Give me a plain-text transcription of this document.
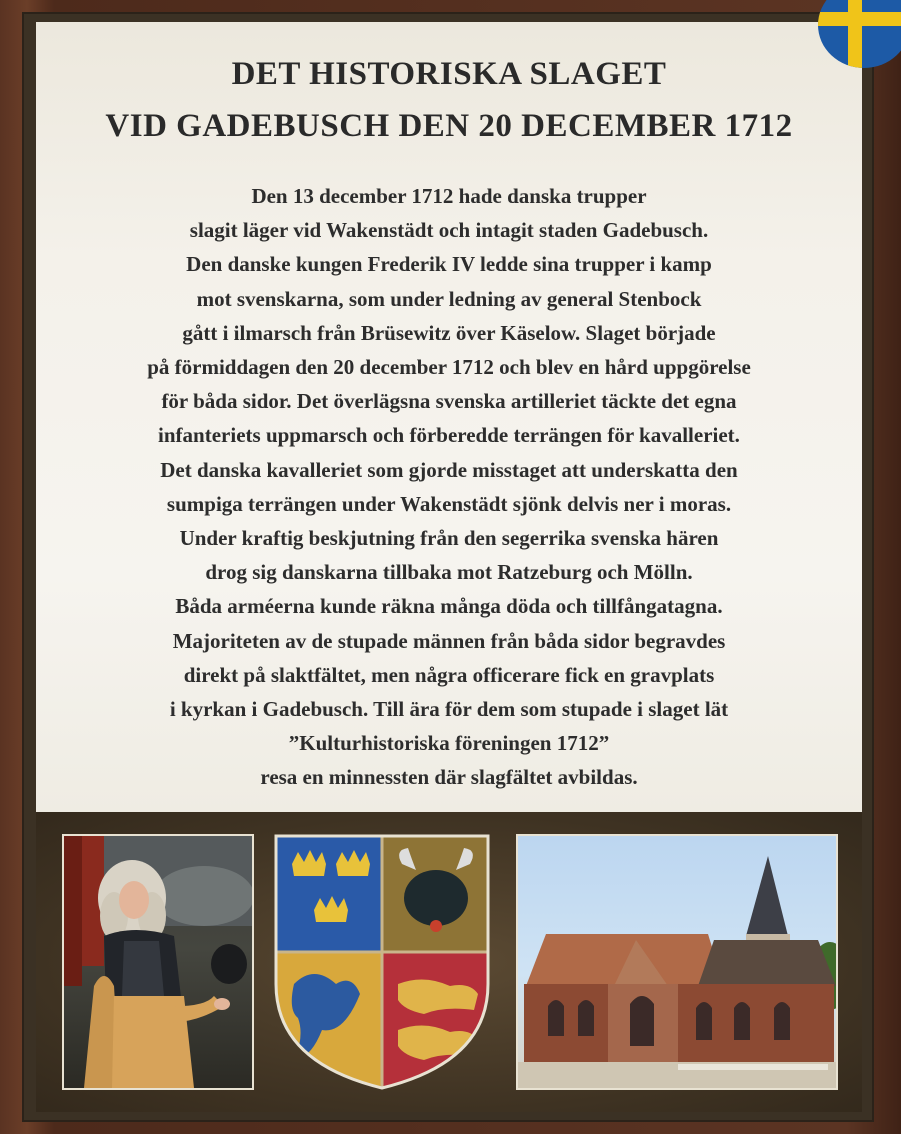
DET HISTORISKA SLAGET
VID GADEBUSCH DEN 20 DECEMBER 1712
Den 13 december 1712 hade danska trupper
slagit läger vid Wakenstädt och intagit staden Gadebusch.
Den danske kungen Frederik IV ledde sina trupper i kamp
mot svenskarna, som under ledning av general Stenbock
gått i ilmarsch från Brüsewitz över Käselow. Slaget började
på förmiddagen den 20 december 1712 och blev en hård uppgörelse
för båda sidor. Det överlägsna svenska artilleriet täckte det egna
infanteriets uppmarsch och förberedde terrängen för kavalleriet.
Det danska kavalleriet som gjorde misstaget att underskatta den
sumpiga terrängen under Wakenstädt sjönk delvis ner i moras.
Under kraftig beskjutning från den segerrika svenska hären
drog sig danskarna tillbaka mot Ratzeburg och Mölln.
Båda arméerna kunde räkna många döda och tillfångatagna.
Majoriteten av de stupade männen från båda sidor begravdes
direkt på slaktfältet, men några officerare fick en gravplats
i kyrkan i Gadebusch. Till ära för dem som stupade i slaget lät
”Kulturhistoriska föreningen 1712”
resa en minnessten där slagfältet avbildas.
